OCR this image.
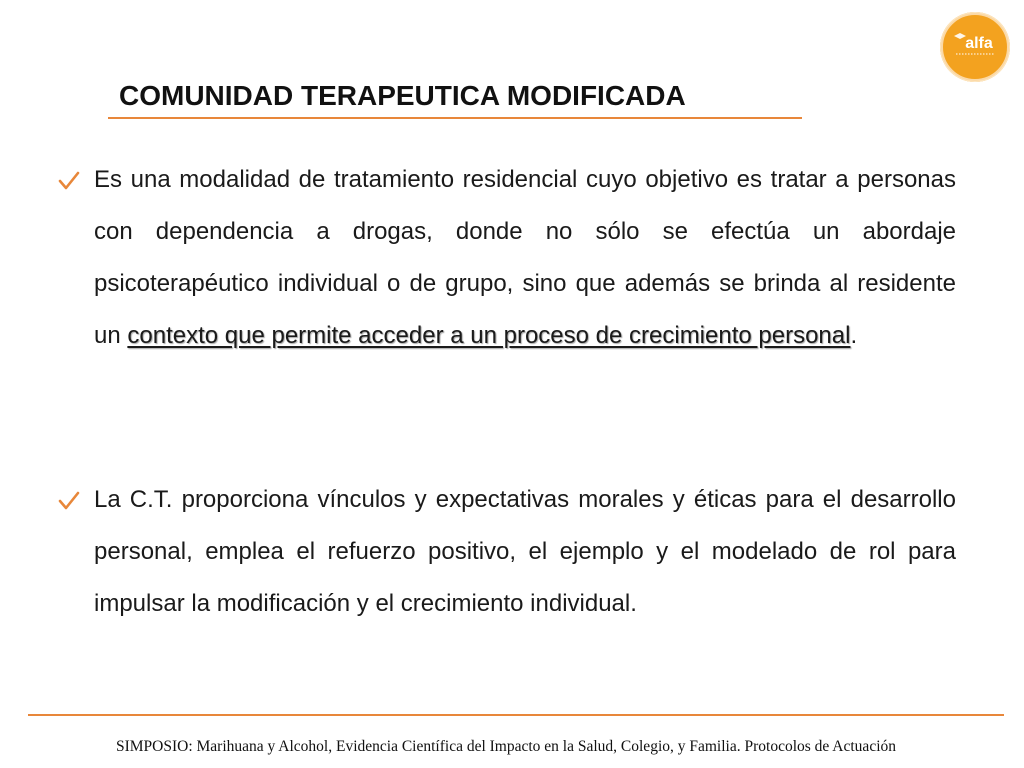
alfa
COMUNIDAD TERAPEUTICA MODIFICADA

Es una modalidad de tratamiento residencial cuyo objetivo es tratar a personas con dependencia a drogas, donde no sólo se efectúa un abordaje psicoterapéutico individual o de grupo, sino que además se brinda al residente un contexto que permite acceder a un proceso de crecimiento personal.

La C.T. proporciona vínculos y expectativas morales y éticas para el desarrollo personal, emplea el refuerzo positivo, el ejemplo y el modelado de rol para impulsar la modificación y el crecimiento individual.

SIMPOSIO: Marihuana y Alcohol, Evidencia Científica del Impacto en la Salud, Colegio, y Familia. Protocolos de Actuación
